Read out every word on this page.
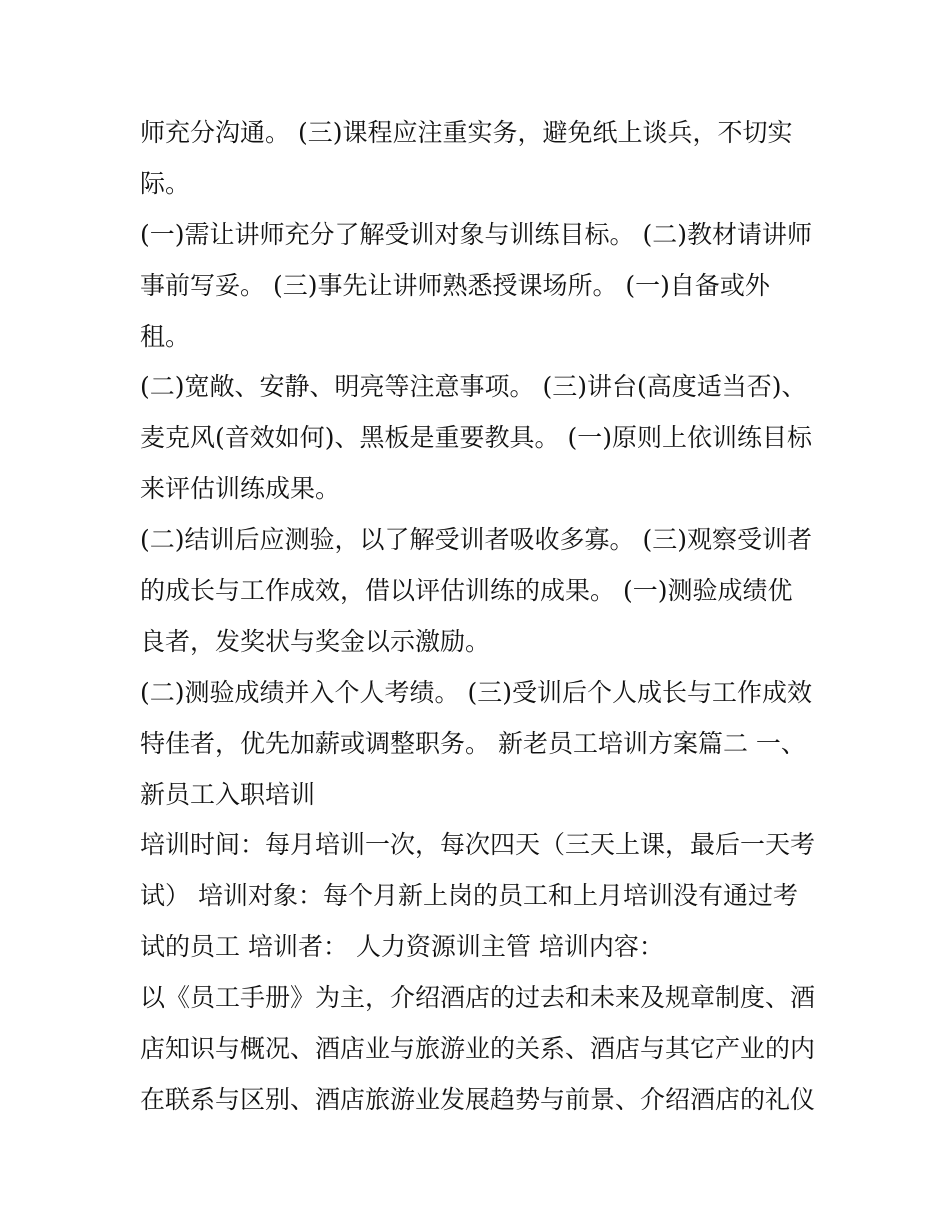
师充分沟通。 (三)课程应注重实务，避免纸上谈兵，不切实
际。
(一)需让讲师充分了解受训对象与训练目标。 (二)教材请讲师
事前写妥。 (三)事先让讲师熟悉授课场所。 (一)自备或外
租。
(二)宽敞、安静、明亮等注意事项。 (三)讲台(高度适当否)、
麦克风(音效如何)、黑板是重要教具。 (一)原则上依训练目标
来评估训练成果。
(二)结训后应测验，以了解受训者吸收多寡。 (三)观察受训者
的成长与工作成效，借以评估训练的成果。 (一)测验成绩优
良者，发奖状与奖金以示激励。
(二)测验成绩并入个人考绩。 (三)受训后个人成长与工作成效
特佳者，优先加薪或调整职务。 新老员工培训方案篇二 一、
新员工入职培训
培训时间：每月培训一次，每次四天（三天上课，最后一天考
试） 培训对象：每个月新上岗的员工和上月培训没有通过考
试的员工 培训者： 人力资源训主管 培训内容：
以《员工手册》为主，介绍酒店的过去和未来及规章制度、酒
店知识与概况、酒店业与旅游业的关系、酒店与其它产业的内
在联系与区别、酒店旅游业发展趋势与前景、介绍酒店的礼仪
